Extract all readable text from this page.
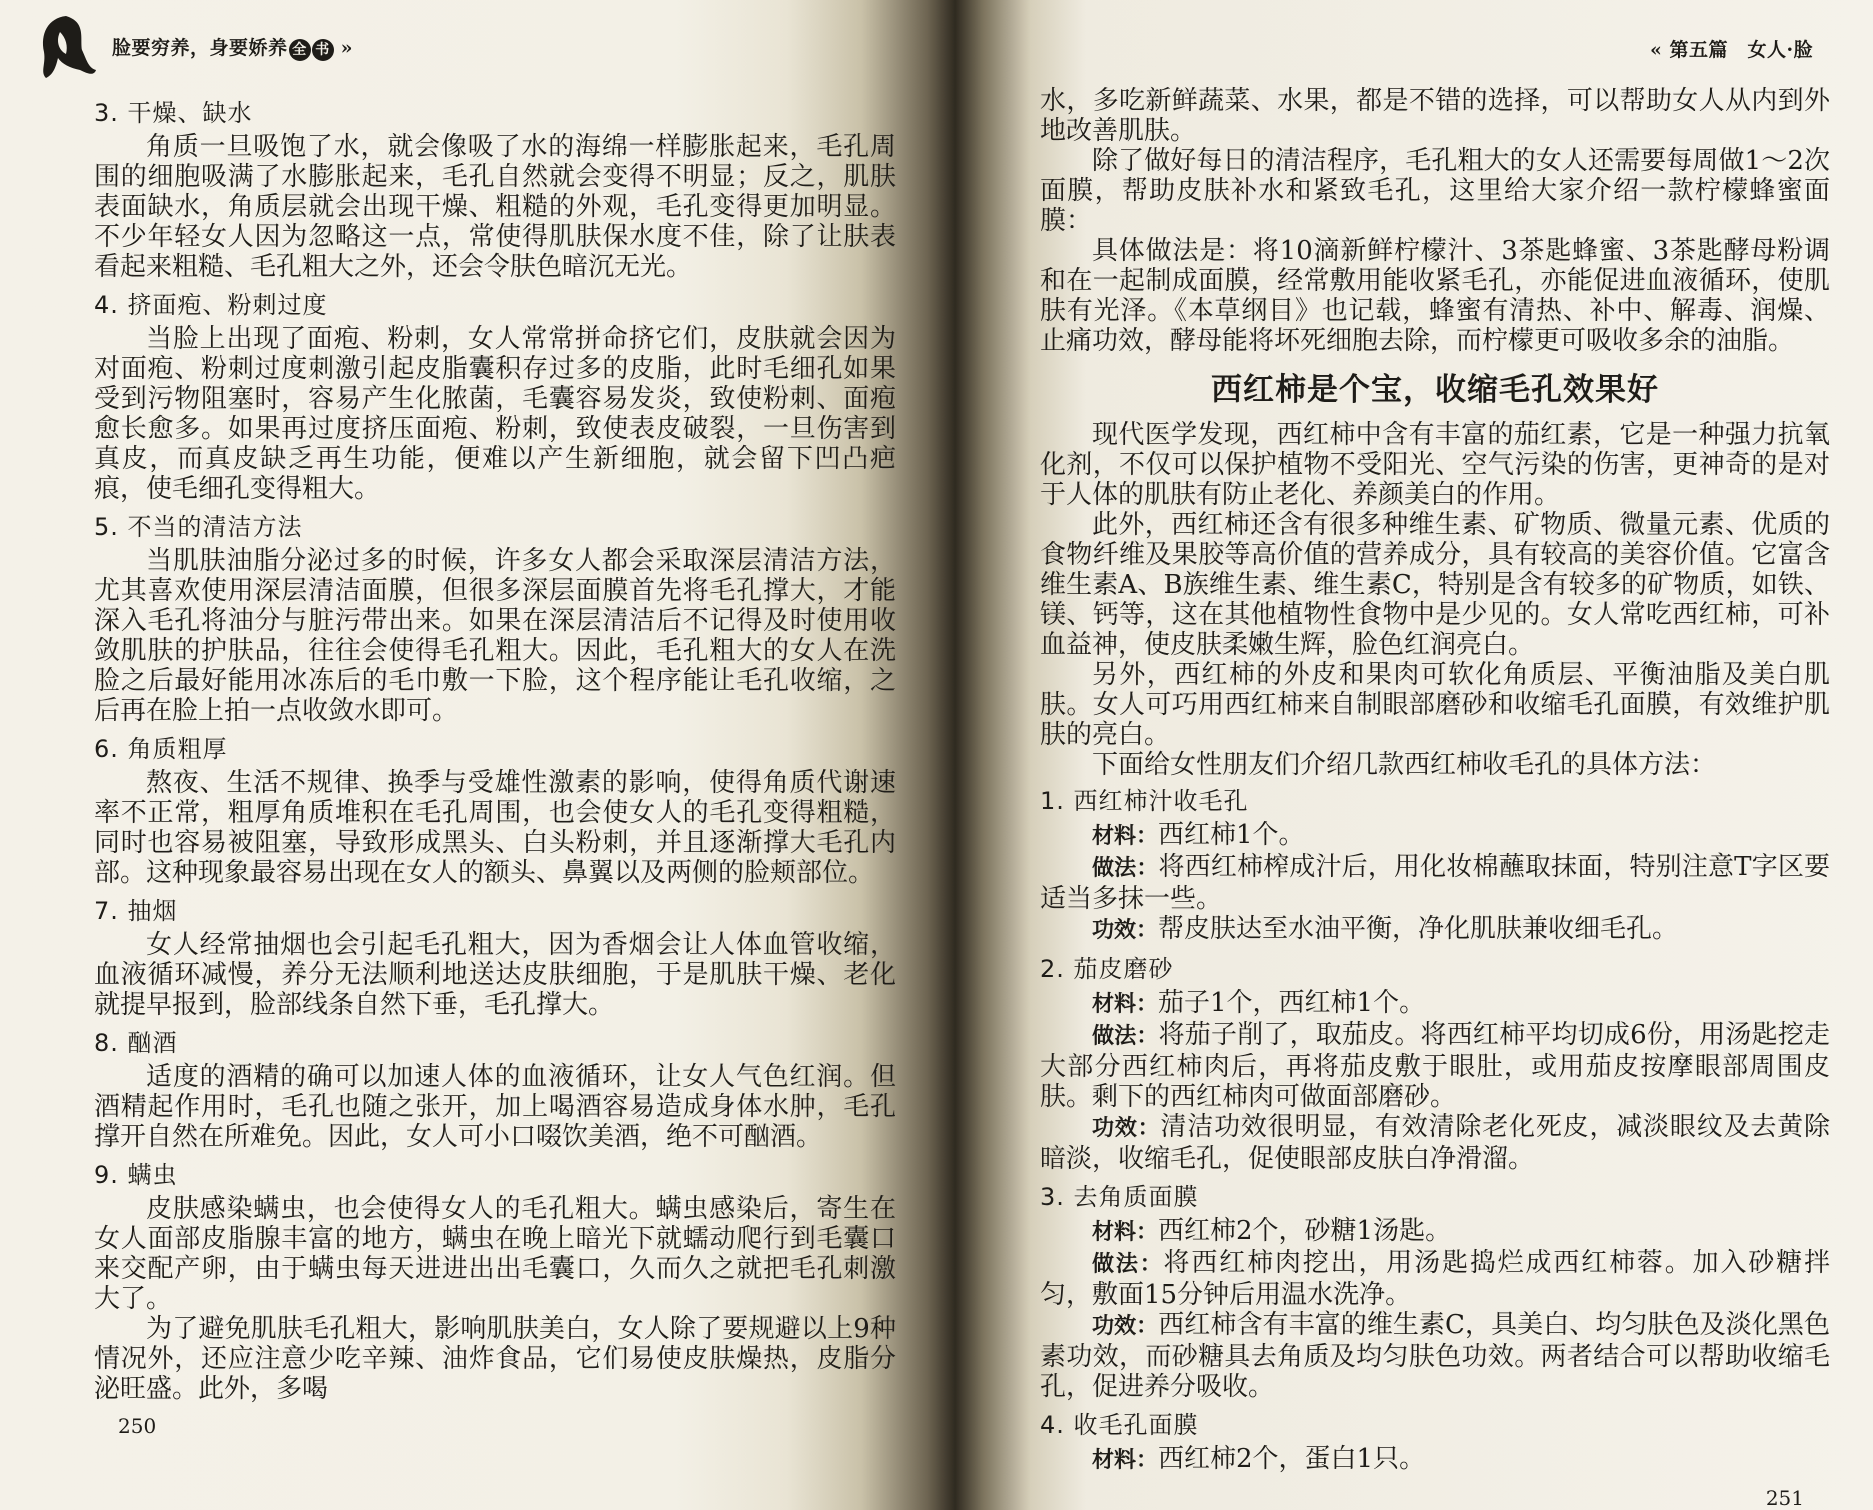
脸要穷养，身要娇养 全 书 »
3. 干燥、缺水

角质一旦吸饱了水，就会像吸了水的海绵一样膨胀起来，毛孔周围的细胞吸满了水膨胀起来，毛孔自然就会变得不明显；反之，肌肤表面缺水，角质层就会出现干燥、粗糙的外观，毛孔变得更加明显。不少年轻女人因为忽略这一点，常使得肌肤保水度不佳，除了让肤表看起来粗糙、毛孔粗大之外，还会令肤色暗沉无光。

4. 挤面疱、粉刺过度

当脸上出现了面疱、粉刺，女人常常拼命挤它们，皮肤就会因为对面疱、粉刺过度刺激引起皮脂囊积存过多的皮脂，此时毛细孔如果受到污物阻塞时，容易产生化脓菌，毛囊容易发炎，致使粉刺、面疱愈长愈多。如果再过度挤压面疱、粉刺，致使表皮破裂，一旦伤害到真皮，而真皮缺乏再生功能，便难以产生新细胞，就会留下凹凸疤痕，使毛细孔变得粗大。

5. 不当的清洁方法

当肌肤油脂分泌过多的时候，许多女人都会采取深层清洁方法，尤其喜欢使用深层清洁面膜，但很多深层面膜首先将毛孔撑大，才能深入毛孔将油分与脏污带出来。如果在深层清洁后不记得及时使用收敛肌肤的护肤品，往往会使得毛孔粗大。因此，毛孔粗大的女人在洗脸之后最好能用冰冻后的毛巾敷一下脸，这个程序能让毛孔收缩，之后再在脸上拍一点收敛水即可。

6. 角质粗厚

熬夜、生活不规律、换季与受雄性激素的影响，使得角质代谢速率不正常，粗厚角质堆积在毛孔周围，也会使女人的毛孔变得粗糙，同时也容易被阻塞，导致形成黑头、白头粉刺，并且逐渐撑大毛孔内部。这种现象最容易出现在女人的额头、鼻翼以及两侧的脸颊部位。

7. 抽烟

女人经常抽烟也会引起毛孔粗大，因为香烟会让人体血管收缩，血液循环减慢，养分无法顺利地送达皮肤细胞，于是肌肤干燥、老化就提早报到，脸部线条自然下垂，毛孔撑大。

8. 酗酒

适度的酒精的确可以加速人体的血液循环，让女人气色红润。但酒精起作用时，毛孔也随之张开，加上喝酒容易造成身体水肿，毛孔撑开自然在所难免。因此，女人可小口啜饮美酒，绝不可酗酒。

9. 螨虫

皮肤感染螨虫，也会使得女人的毛孔粗大。螨虫感染后，寄生在女人面部皮脂腺丰富的地方，螨虫在晚上暗光下就蠕动爬行到毛囊口来交配产卵，由于螨虫每天进进出出毛囊口，久而久之就把毛孔刺激大了。

为了避免肌肤毛孔粗大，影响肌肤美白，女人除了要规避以上9种情况外，还应注意少吃辛辣、油炸食品，它们易使皮肤燥热，皮脂分泌旺盛。此外，多喝

250
« 第五篇　女人·脸

水，多吃新鲜蔬菜、水果，都是不错的选择，可以帮助女人从内到外地改善肌肤。

除了做好每日的清洁程序，毛孔粗大的女人还需要每周做1～2次面膜，帮助皮肤补水和紧致毛孔，这里给大家介绍一款柠檬蜂蜜面膜：

具体做法是：将10滴新鲜柠檬汁、3茶匙蜂蜜、3茶匙酵母粉调和在一起制成面膜，经常敷用能收紧毛孔，亦能促进血液循环，使肌肤有光泽。《本草纲目》也记载，蜂蜜有清热、补中、解毒、润燥、止痛功效，酵母能将坏死细胞去除，而柠檬更可吸收多余的油脂。

西红柿是个宝，收缩毛孔效果好

现代医学发现，西红柿中含有丰富的茄红素，它是一种强力抗氧化剂，不仅可以保护植物不受阳光、空气污染的伤害，更神奇的是对于人体的肌肤有防止老化、养颜美白的作用。

此外，西红柿还含有很多种维生素、矿物质、微量元素、优质的食物纤维及果胶等高价值的营养成分，具有较高的美容价值。它富含维生素A、B族维生素、维生素C，特别是含有较多的矿物质，如铁、镁、钙等，这在其他植物性食物中是少见的。女人常吃西红柿，可补血益神，使皮肤柔嫩生辉，脸色红润亮白。

另外，西红柿的外皮和果肉可软化角质层、平衡油脂及美白肌肤。女人可巧用西红柿来自制眼部磨砂和收缩毛孔面膜，有效维护肌肤的亮白。

下面给女性朋友们介绍几款西红柿收毛孔的具体方法：

1. 西红柿汁收毛孔

材料：西红柿1个。

做法：将西红柿榨成汁后，用化妆棉蘸取抹面，特别注意T字区要适当多抹一些。

功效：帮皮肤达至水油平衡，净化肌肤兼收细毛孔。

2. 茄皮磨砂

材料：茄子1个，西红柿1个。

做法：将茄子削了，取茄皮。将西红柿平均切成6份，用汤匙挖走大部分西红柿肉后，再将茄皮敷于眼肚，或用茄皮按摩眼部周围皮肤。剩下的西红柿肉可做面部磨砂。

功效：清洁功效很明显，有效清除老化死皮，减淡眼纹及去黄除暗淡，收缩毛孔，促使眼部皮肤白净滑溜。

3. 去角质面膜

材料：西红柿2个，砂糖1汤匙。

做法：将西红柿肉挖出，用汤匙捣烂成西红柿蓉。加入砂糖拌匀，敷面15分钟后用温水洗净。

功效：西红柿含有丰富的维生素C，具美白、均匀肤色及淡化黑色素功效，而砂糖具去角质及均匀肤色功效。两者结合可以帮助收缩毛孔，促进养分吸收。

4. 收毛孔面膜

材料：西红柿2个，蛋白1只。

251
